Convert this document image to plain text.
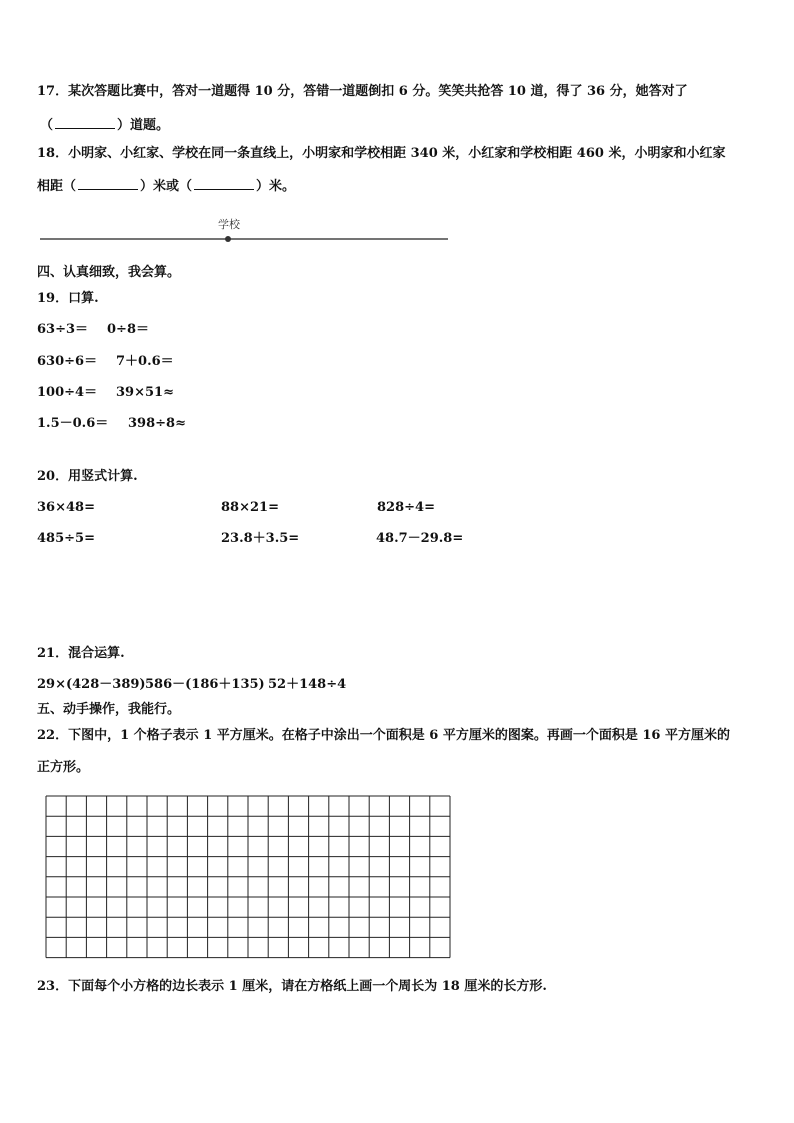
17．某次答题比赛中，答对一道题得 10 分，答错一道题倒扣 6 分。笑笑共抢答 10 道，得了 36 分，她答对了
（	）道题。
18．小明家、小红家、学校在同一条直线上，小明家和学校相距 340 米，小红家和学校相距 460 米，小明家和小红家
相距（	）米或（	）米。
学校
四、认真细致，我会算。
19．口算.
63÷3＝ 0÷8＝
630÷6＝ 7＋0.6＝
100÷4＝ 39×51≈
1.5－0.6＝ 398÷8≈
20．用竖式计算.
36×48=	88×21=	828÷4=
485÷5=	23.8＋3.5=	48.7－29.8=
21．混合运算.
29×(428－389) 586－(186＋135) 52＋148÷4
五、动手操作，我能行。
22．下图中，1 个格子表示 1 平方厘米。在格子中涂出一个面积是 6 平方厘米的图案。再画一个面积是 16 平方厘米的
正方形。
23．下面每个小方格的边长表示 1 厘米，请在方格纸上画一个周长为 18 厘米的长方形.
